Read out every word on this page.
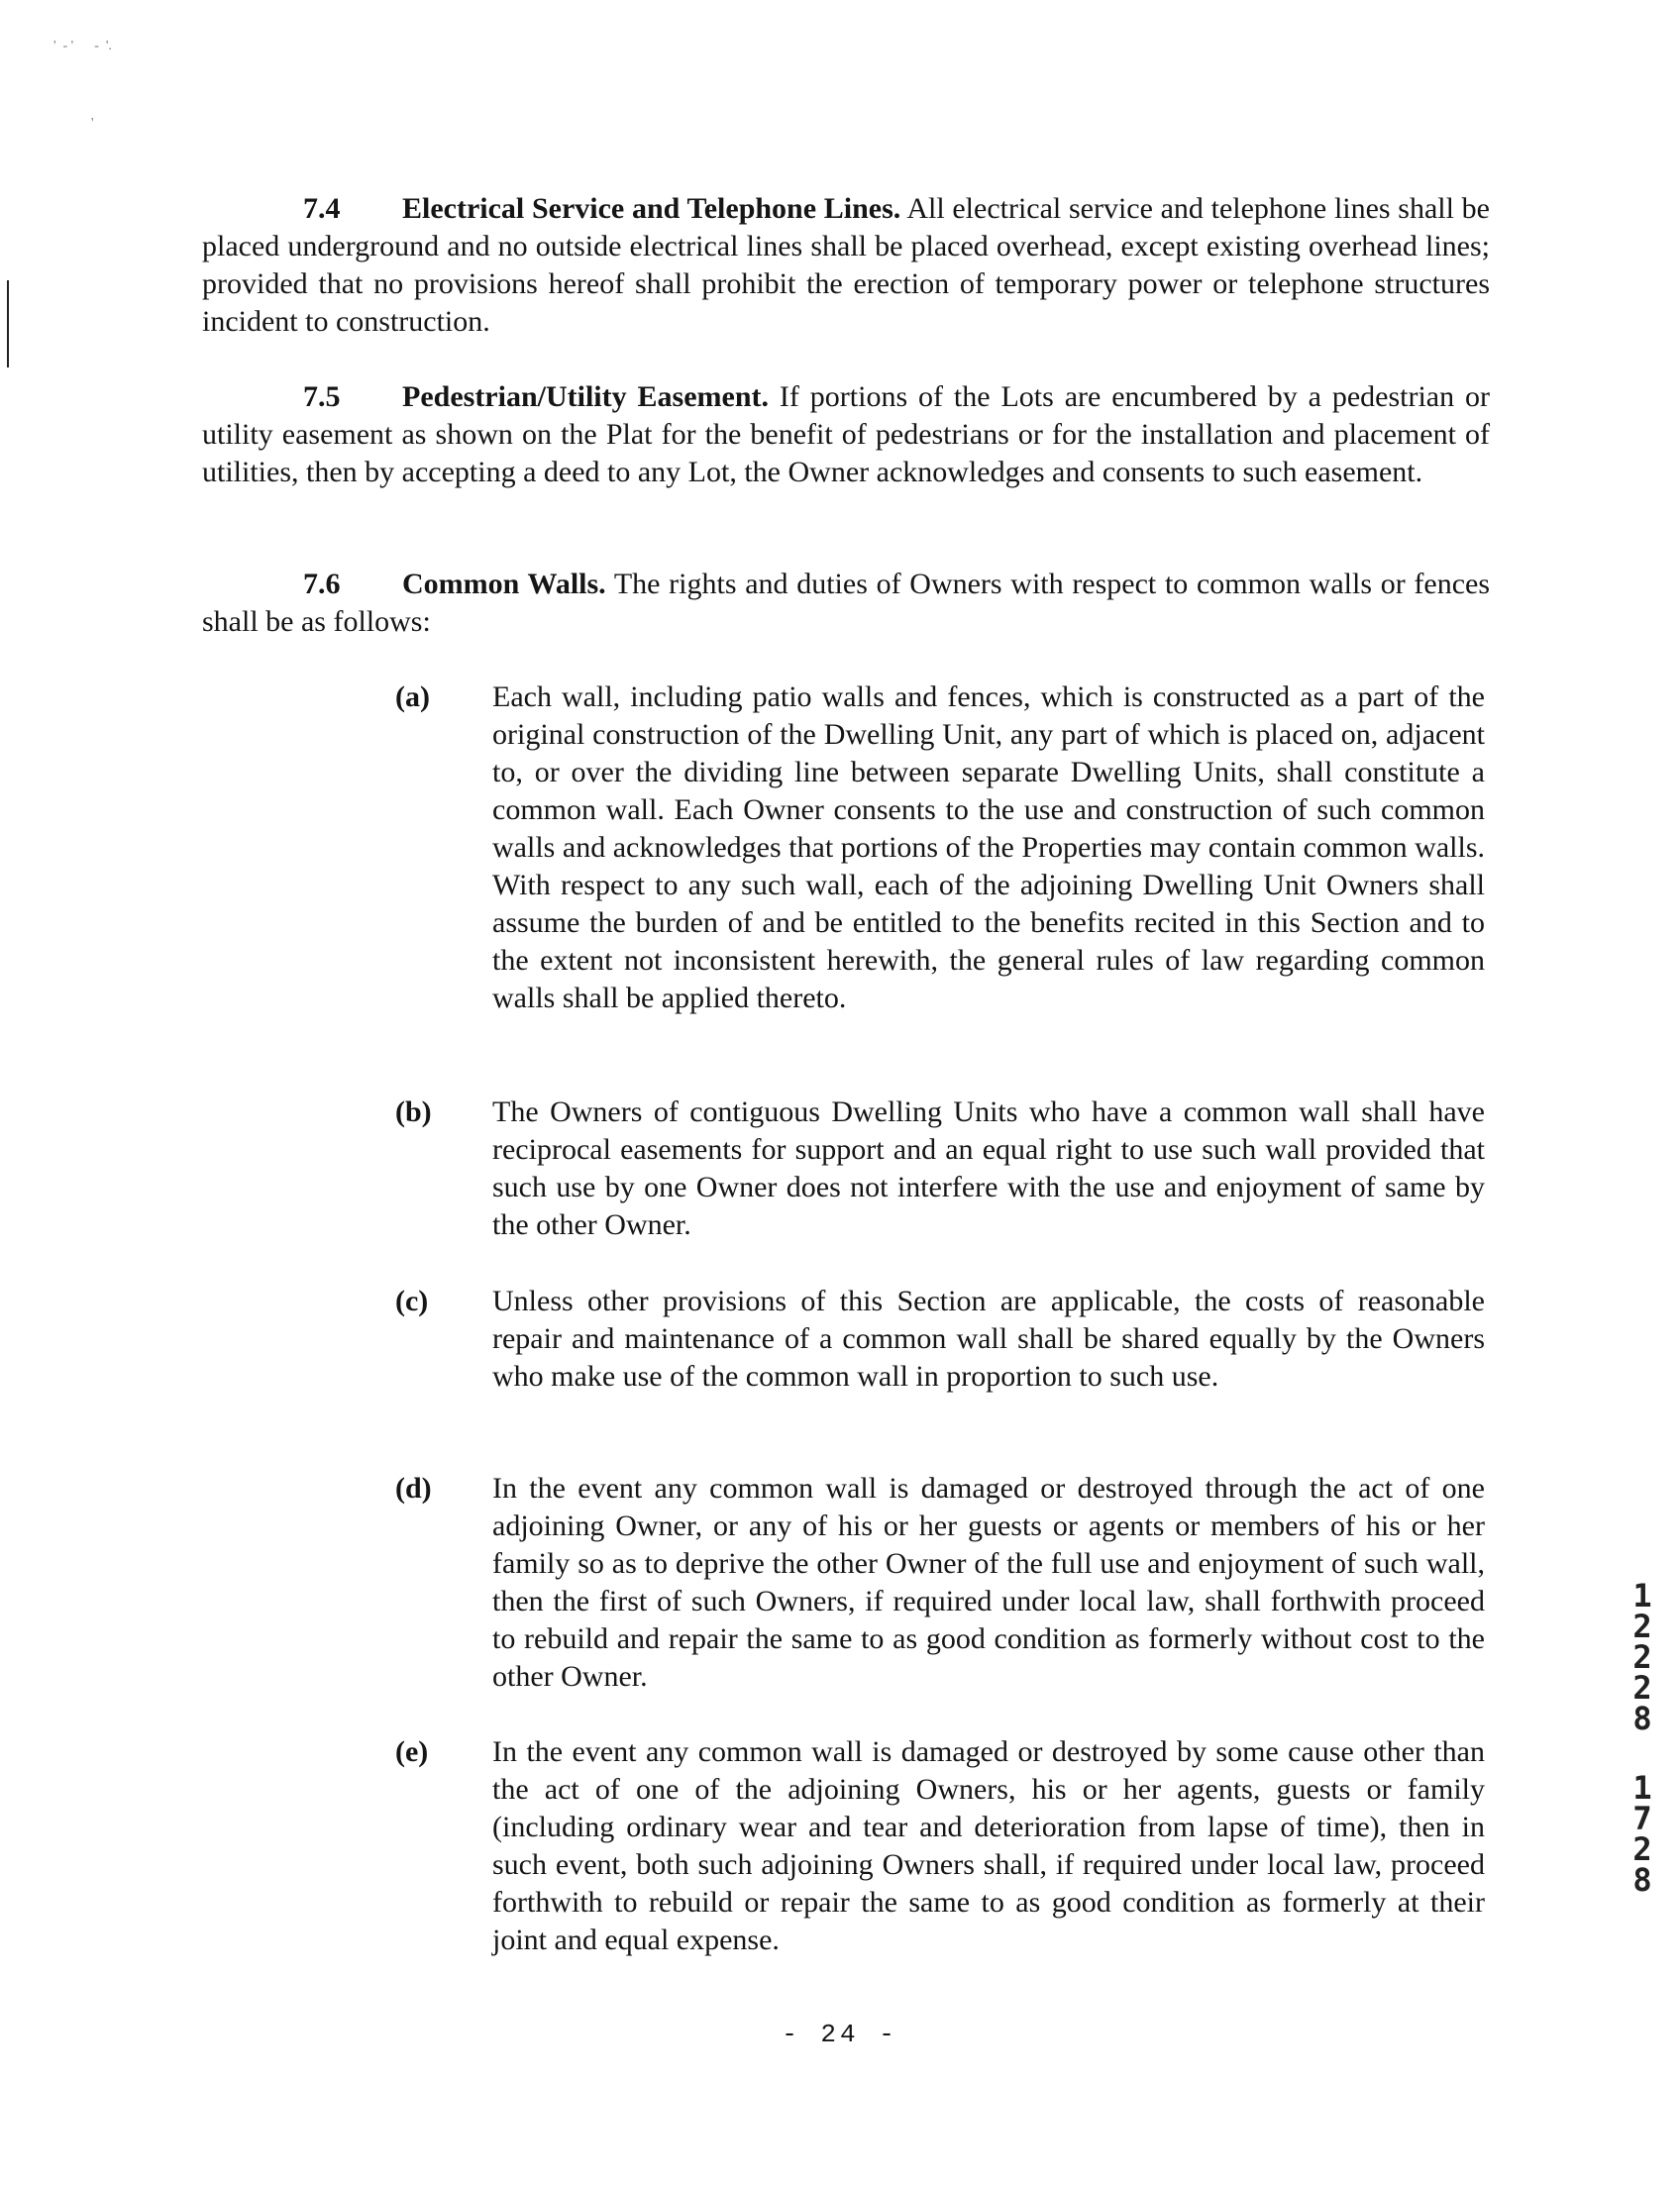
'  - '      -  '.
'
7.4 Electrical Service and Telephone Lines. All electrical service and telephone lines shall be placed underground and no outside electrical lines shall be placed overhead, except existing overhead lines; provided that no provisions hereof shall prohibit the erection of temporary power or telephone structures incident to construction.
7.5 Pedestrian/Utility Easement. If portions of the Lots are encumbered by a pedestrian or utility easement as shown on the Plat for the benefit of pedestrians or for the installation and placement of utilities, then by accepting a deed to any Lot, the Owner acknowledges and consents to such easement.
7.6 Common Walls. The rights and duties of Owners with respect to common walls or fences shall be as follows:
(a) Each wall, including patio walls and fences, which is constructed as a part of the original construction of the Dwelling Unit, any part of which is placed on, adjacent to, or over the dividing line between separate Dwelling Units, shall constitute a common wall. Each Owner consents to the use and construction of such common walls and acknowledges that portions of the Properties may contain common walls. With respect to any such wall, each of the adjoining Dwelling Unit Owners shall assume the burden of and be entitled to the benefits recited in this Section and to the extent not inconsistent herewith, the general rules of law regarding common walls shall be applied thereto.
(b) The Owners of contiguous Dwelling Units who have a common wall shall have reciprocal easements for support and an equal right to use such wall provided that such use by one Owner does not interfere with the use and enjoyment of same by the other Owner.
(c) Unless other provisions of this Section are applicable, the costs of reasonable repair and maintenance of a common wall shall be shared equally by the Owners who make use of the common wall in proportion to such use.
(d) In the event any common wall is damaged or destroyed through the act of one adjoining Owner, or any of his or her guests or agents or members of his or her family so as to deprive the other Owner of the full use and enjoyment of such wall, then the first of such Owners, if required under local law, shall forthwith proceed to rebuild and repair the same to as good condition as formerly without cost to the other Owner.
(e) In the event any common wall is damaged or destroyed by some cause other than the act of one of the adjoining Owners, his or her agents, guests or family (including ordinary wear and tear and deterioration from lapse of time), then in such event, both such adjoining Owners shall, if required under local law, proceed forthwith to rebuild or repair the same to as good condition as formerly at their joint and equal expense.
12228
1728
- 24 -
